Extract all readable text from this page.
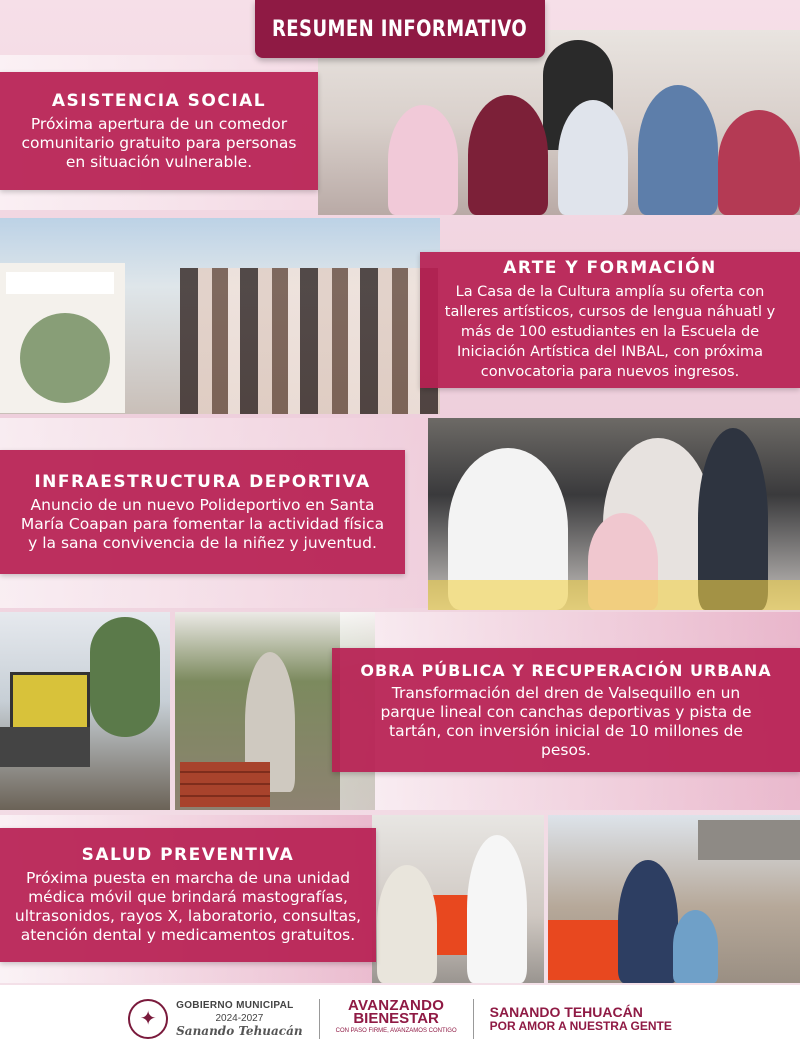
ASISTENCIA SOCIAL

Próxima apertura de un comedor comunitario gratuito para personas en situación vulnerable.

ARTE Y FORMACIÓN

La Casa de la Cultura amplía su oferta con talleres artísticos, cursos de lengua náhuatl y más de 100 estudiantes en la Escuela de Iniciación Artística del INBAL, con próxima convocatoria para nuevos ingresos.

INFRAESTRUCTURA DEPORTIVA

Anuncio de un nuevo Polideportivo en Santa María Coapan para fomentar la actividad física y la sana convivencia de la niñez y juventud.

OBRA PÚBLICA Y RECUPERACIÓN URBANA

Transformación del dren de Valsequillo en un parque lineal con canchas deportivas y pista de tartán, con inversión inicial de 10 millones de pesos.

SALUD PREVENTIVA

Próxima puesta en marcha de una unidad médica móvil que brindará mastografías, ultrasonidos, rayos X, laboratorio, consultas, atención dental y medicamentos gratuitos.

RESUMEN INFORMATIVO
✦
GOBIERNO MUNICIPAL
2024-2027
Sanando Tehuacán
AVANZANDO
BIENESTAR
CON PASO FIRME, AVANZAMOS CONTIGO
SANANDO TEHUACÁN
POR AMOR A NUESTRA GENTE
